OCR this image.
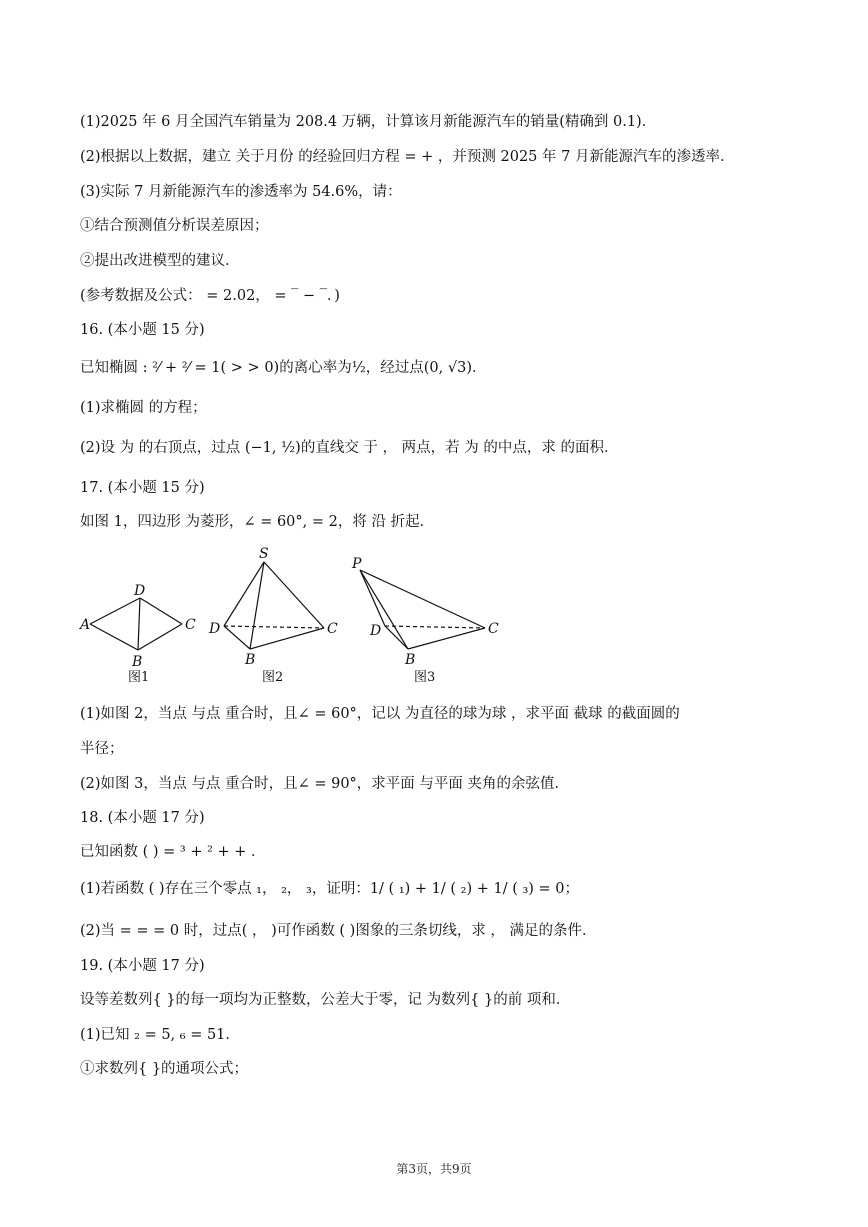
(1)2025 年 6 月全国汽车销量为 208.4 万辆，计算该月新能源汽车的销量(精确到 0.1)．
(2)根据以上数据，建立 关于月份 的经验回归方程 = + ，并预测 2025 年 7 月新能源汽车的渗透率．
(3)实际 7 月新能源汽车的渗透率为 54.6%，请：
①结合预测值分析误差原因；
②提出改进模型的建议．
(参考数据及公式： = 2.02， = ‾ − ‾．)
16. (本小题 15 分)
已知椭圆 : ²⁄ + ²⁄ = 1( > > 0)的离心率为½，经过点(0, √3)．
(1)求椭圆 的方程；
(2)设 为 的右顶点，过点 (−1, ½)的直线交 于 ， 两点，若 为 的中点，求 的面积．
17. (本小题 15 分)
如图 1，四边形 为菱形，∠ = 60°, = 2，将 沿 折起．
A
D
C
B
图1
S
D	C
B
图2
P
D	C
B
图3
(1)如图 2，当点 与点 重合时，且∠ = 60°，记以 为直径的球为球 ，求平面 截球 的截面圆的
半径；
(2)如图 3，当点 与点 重合时，且∠ = 90°，求平面 与平面 夹角的余弦值．
18. (本小题 17 分)
已知函数 ( ) = ³ + ² + + ．
(1)若函数 ( )存在三个零点 ₁， ₂， ₃，证明：1/ ( ₁) + 1/ ( ₂) + 1/ ( ₃) = 0；
(2)当 = = = 0 时，过点( ， )可作函数 ( )图象的三条切线，求 ， 满足的条件．
19. (本小题 17 分)
设等差数列{ }的每一项均为正整数，公差大于零，记 为数列{ }的前 项和．
(1)已知 ₂ = 5, ₆ = 51．
①求数列{ }的通项公式；
第3页，共9页
